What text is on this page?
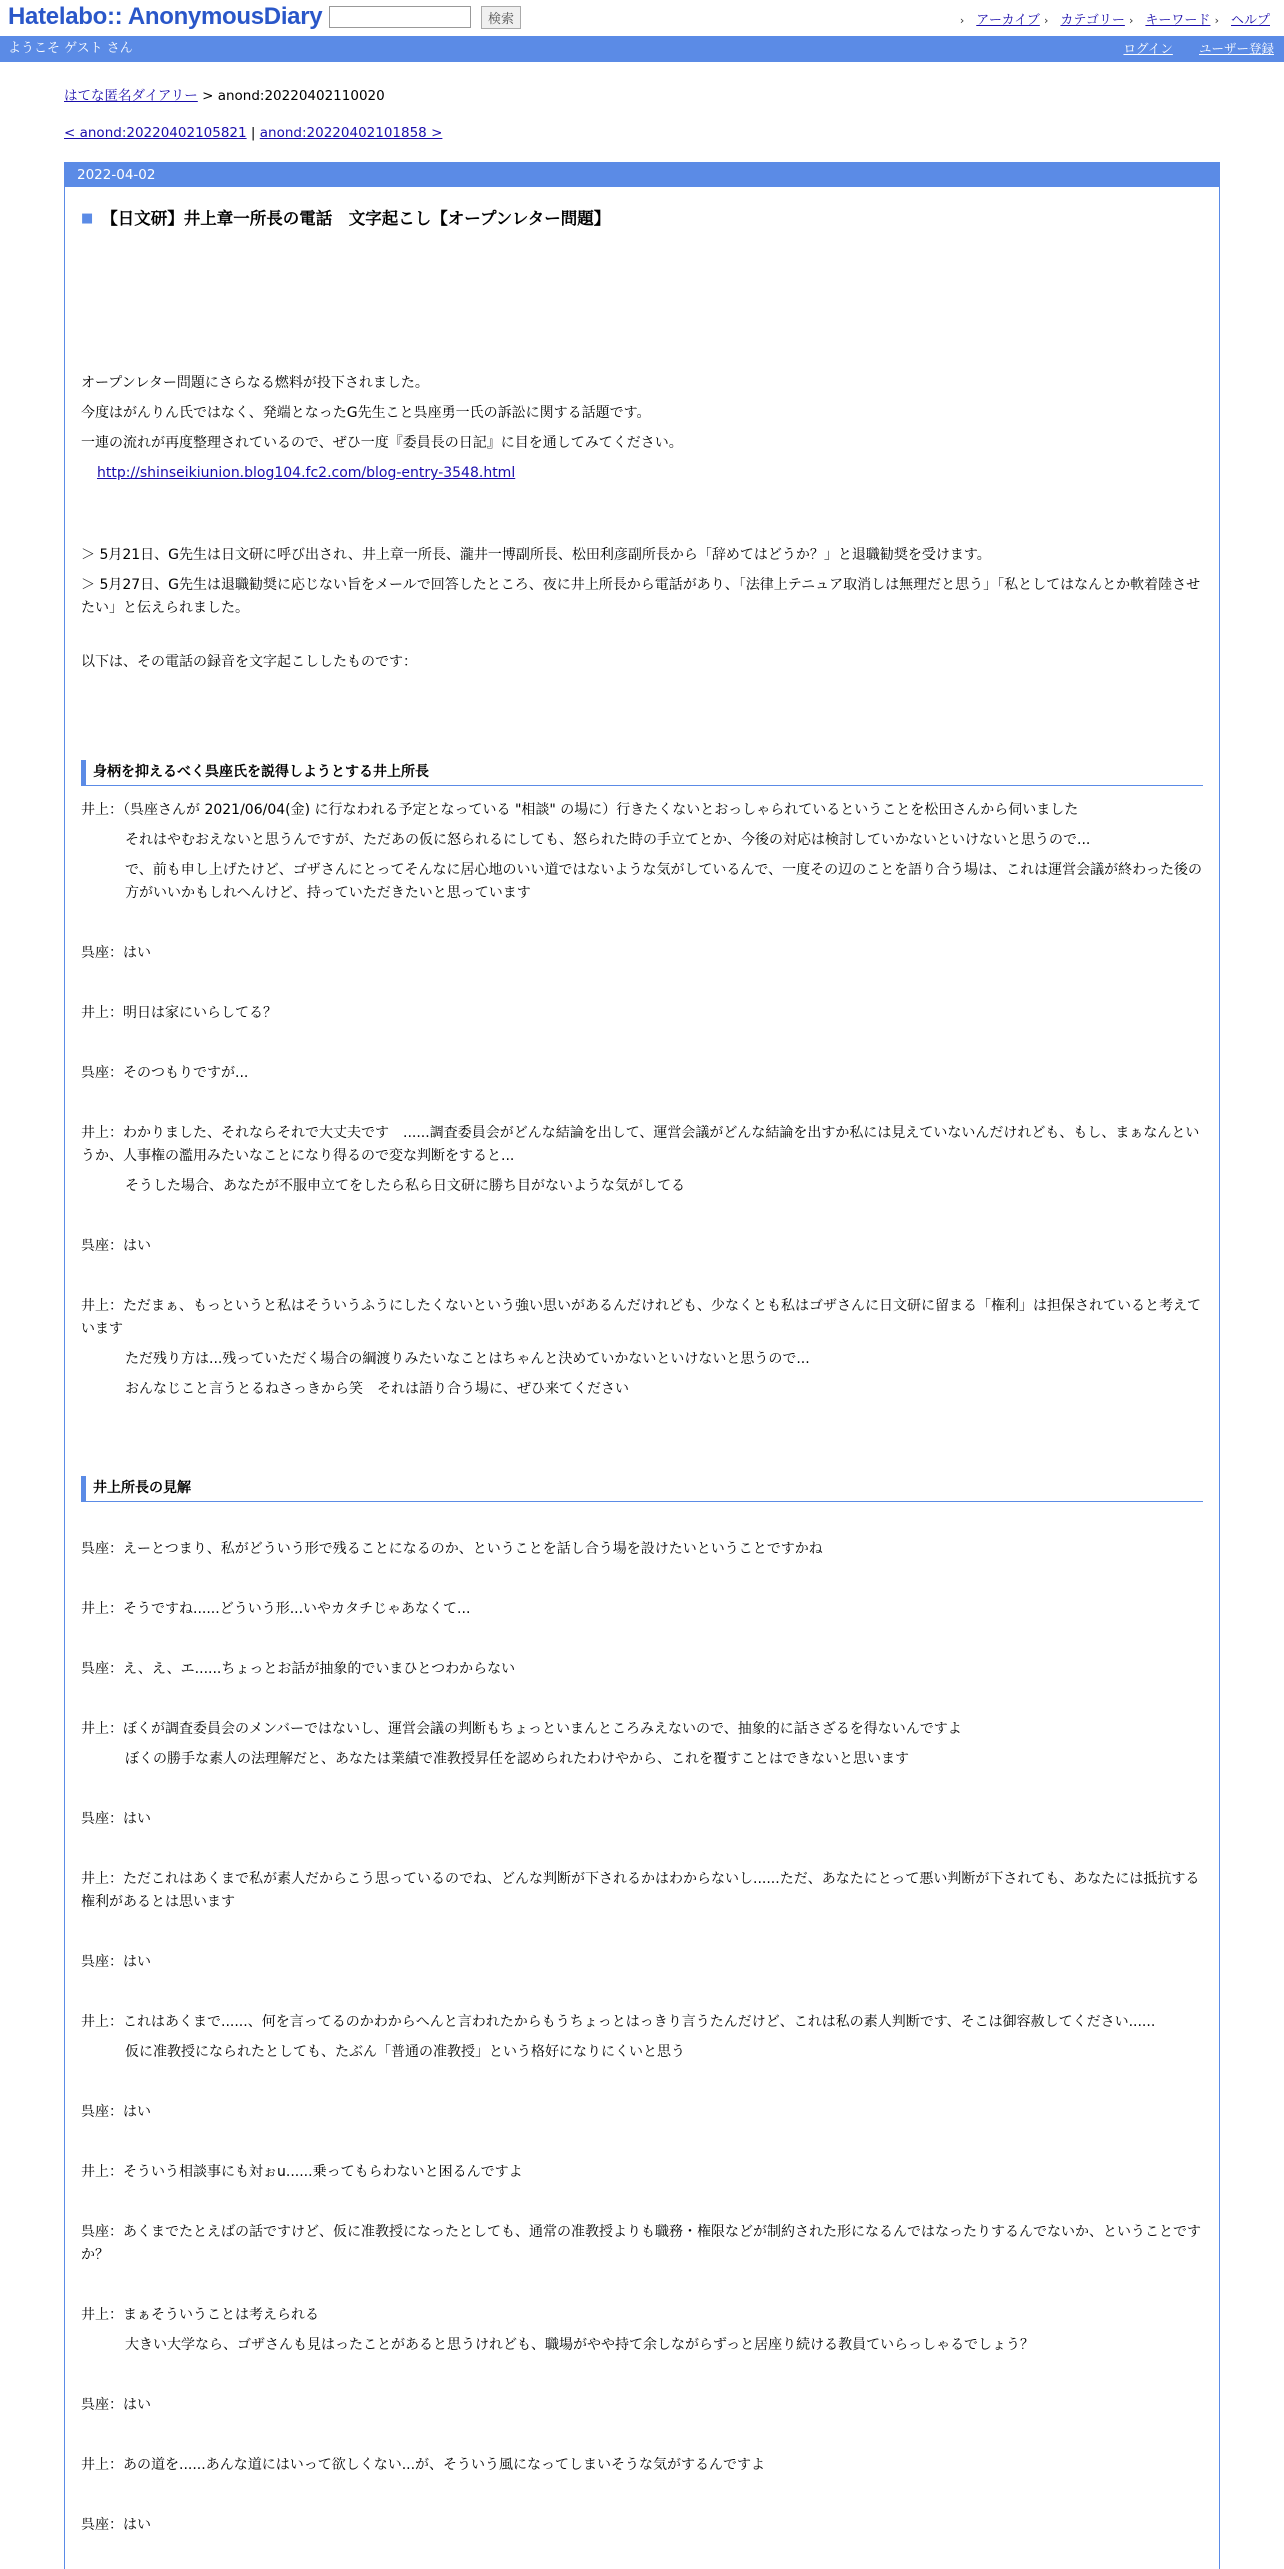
Hatelabo:: AnonymousDiary	検索	› アーカイブ › カテゴリー › キーワード › ヘルプ
ようこそ ゲスト さん	ログイン ユーザー登録
はてな匿名ダイアリー > anond:20220402110020
< anond:20220402105821 | anond:20220402101858 >
2022-04-02
■ 【日文研】井上章一所長の電話　文字起こし【オープンレター問題】

オープンレター問題にさらなる燃料が投下されました。

今度はがんりん氏ではなく、発端となったG先生こと呉座勇一氏の訴訟に関する話題です。

一連の流れが再度整理されているので、ぜひ一度『委員長の日記』に目を通してみてください。

http://shinseikiunion.blog104.fc2.com/blog-entry-3548.html

＞ 5月21日、G先生は日文研に呼び出され、井上章一所長、瀧井一博副所長、松田利彦副所長から「辞めてはどうか？」と退職勧奨を受けます。

＞ 5月27日、G先生は退職勧奨に応じない旨をメールで回答したところ、夜に井上所長から電話があり、「法律上テニュア取消しは無理だと思う」「私としてはなんとか軟着陸させたい」と伝えられました。

以下は、その電話の録音を文字起こししたものです：

身柄を抑えるべく呉座氏を説得しようとする井上所長

井上：（呉座さんが 2021/06/04(金) に行なわれる予定となっている "相談" の場に）行きたくないとおっしゃられているということを松田さんから伺いました

それはやむおえないと思うんですが、ただあの仮に怒られるにしても、怒られた時の手立てとか、今後の対応は検討していかないといけないと思うので...

で、前も申し上げたけど、ゴザさんにとってそんなに居心地のいい道ではないような気がしているんで、一度その辺のことを語り合う場は、これは運営会議が終わった後の方がいいかもしれへんけど、持っていただきたいと思っています

呉座：はい

井上：明日は家にいらしてる？

呉座：そのつもりですが...

井上：わかりました、それならそれで大丈夫です　......調査委員会がどんな結論を出して、運営会議がどんな結論を出すか私には見えていないんだけれども、もし、まぁなんというか、人事権の濫用みたいなことになり得るので変な判断をすると...

そうした場合、あなたが不服申立てをしたら私ら日文研に勝ち目がないような気がしてる

呉座：はい

井上：ただまぁ、もっというと私はそういうふうにしたくないという強い思いがあるんだけれども、少なくとも私はゴザさんに日文研に留まる「権利」は担保されていると考えています

ただ残り方は...残っていただく場合の綱渡りみたいなことはちゃんと決めていかないといけないと思うので...

おんなじこと言うとるねさっきから笑　それは語り合う場に、ぜひ来てください

井上所長の見解

呉座：えーとつまり、私がどういう形で残ることになるのか、ということを話し合う場を設けたいということですかね

井上：そうですね......どういう形...いやカタチじゃあなくて...

呉座：え、え、エ......ちょっとお話が抽象的でいまひとつわからない

井上：ぼくが調査委員会のメンバーではないし、運営会議の判断もちょっといまんところみえないので、抽象的に話さざるを得ないんですよ

ぼくの勝手な素人の法理解だと、あなたは業績で准教授昇任を認められたわけやから、これを覆すことはできないと思います

呉座：はい

井上：ただこれはあくまで私が素人だからこう思っているのでね、どんな判断が下されるかはわからないし......ただ、あなたにとって悪い判断が下されても、あなたには抵抗する権利があるとは思います

呉座：はい

井上：これはあくまで......、何を言ってるのかわからへんと言われたからもうちょっとはっきり言うたんだけど、これは私の素人判断です、そこは御容赦してください......

仮に准教授になられたとしても、たぶん「普通の准教授」という格好になりにくいと思う

呉座：はい

井上：そういう相談事にも対ぉu......乗ってもらわないと困るんですよ

呉座：あくまでたとえばの話ですけど、仮に准教授になったとしても、通常の准教授よりも職務・権限などが制約された形になるんではなったりするんでないか、ということですか？

井上：まぁそういうことは考えられる

大きい大学なら、ゴザさんも見はったことがあると思うけれども、職場がやや持て余しながらずっと居座り続ける教員ていらっしゃるでしょう？

呉座：はい

井上：あの道を......あんな道にはいって欲しくない...が、そういう風になってしまいそうな気がするんですよ

呉座：はい
